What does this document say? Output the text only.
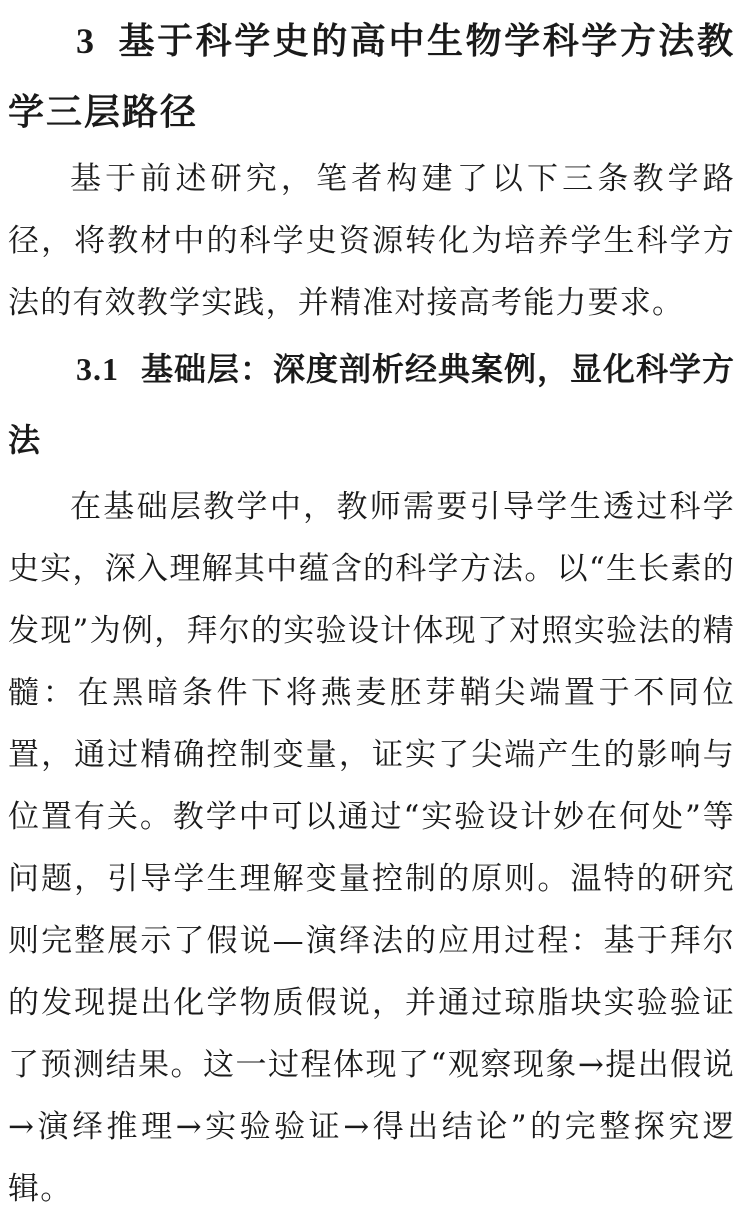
3 基于科学史的高中生物学科学方法教学三层路径

基于前述研究，笔者构建了以下三条教学路径，将教材中的科学史资源转化为培养学生科学方法的有效教学实践，并精准对接高考能力要求。

3.1 基础层：深度剖析经典案例，显化科学方法

在基础层教学中，教师需要引导学生透过科学史实，深入理解其中蕴含的科学方法。以“生长素的发现”为例，拜尔的实验设计体现了对照实验法的精髓：在黑暗条件下将燕麦胚芽鞘尖端置于不同位置，通过精确控制变量，证实了尖端产生的影响与位置有关。教学中可以通过“实验设计妙在何处”等问题，引导学生理解变量控制的原则。温特的研究则完整展示了假说—演绎法的应用过程：基于拜尔的发现提出化学物质假说，并通过琼脂块实验验证了预测结果。这一过程体现了“观察现象→提出假说→演绎推理→实验验证→得出结论”的完整探究逻辑。
